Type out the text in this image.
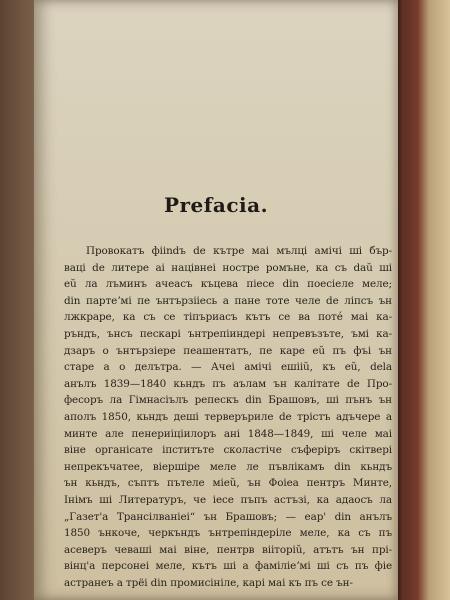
Prefacia.
Провокатъ фiindъ de кътре маi мълцi амiчi шi бър-
вацi de литере аi нацiвнеi ностре ромъне, ка съ daŭ шi
еŭ ла лъминъ ачеасъ къцева пiесе din поесiеле меле;
din партеʼмi пе ънтързiieсь а пане тоте челе de лiпсъ ън
лжкраре, ка съ се тiпъриасъ кътъ се ва потé маi ка-
ръндъ, ънсъ пескарi ънтрепiиндерi непревъзъте, ъмi ка-
дзаръ о ънтързiере пеашентатъ, пе каре еŭ пъ фъi ън
старе а о делътра. — Ачеi амiчi ешiiŭ, къ еŭ, dela
анълъ 1839—1840 кьндъ пъ аълам ън калiтате de Про-
фесоръ ла Гiмнасiълъ репескъ din Брашовъ, шi пънъ ън
аполъ 1850, кьндъ дешi терверъриле de трiстъ адъчере а
минте але пенериiцiилоръ анi 1848—1849, шi челе маi
вiне органiсате iпститъте сколастiче съферiръ скiтверi
непрекъчатее, вiершiре меле ле пъвлiкамъ din кьндъ
ън кьндъ, съптъ пътеле мiеŭ, ън Фоiеа пентръ Минте,
Iнiмъ шi Литературъ, че iесе пъпъ астъзi, ка адаосъ ла
„Газет'а Трансiлванiеi“ ън Брашовъ; — еар' din анълъ
1850 ънкоче, черкъндъ ънтрепiндерiле меле, ка съ пъ
асеверъ чевашi маi вiне, пентрв вiiторiŭ, атътъ ън прi-
вiнц'a персонеi меле, кътъ шi а фамiлiеʼмi шi съ пъ фiе
астранеъ а трëi din промисiнiле, карi маi къ пъ се ън-
